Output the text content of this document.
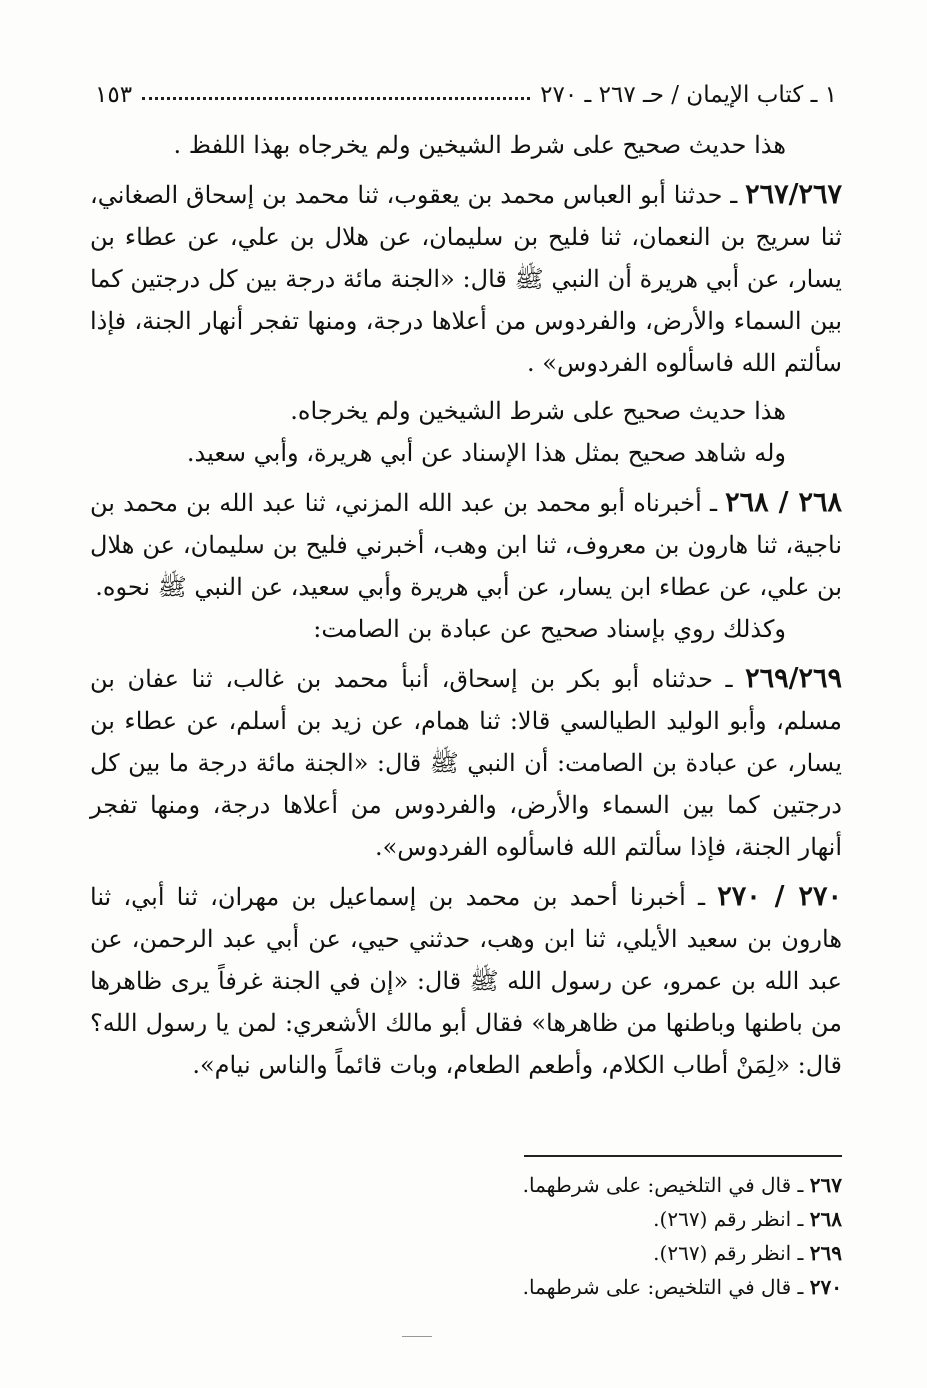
١ ـ كتاب الإيمان / حـ ٢٦٧ ـ ٢٧٠
١٥٣

هذا حديث صحيح على شرط الشيخين ولم يخرجاه بهذا اللفظ .

٢٦٧/٢٦٧ ـ حدثنا أبو العباس محمد بن يعقوب، ثنا محمد بن إسحاق الصغاني، ثنا سريج بن النعمان، ثنا فليح بن سليمان، عن هلال بن علي، عن عطاء بن يسار، عن أبي هريرة أن النبي ﷺ قال: «الجنة مائة درجة بين كل درجتين كما بين السماء والأرض، والفردوس من أعلاها درجة، ومنها تفجر أنهار الجنة، فإذا سألتم الله فاسألوه الفردوس» .

هذا حديث صحيح على شرط الشيخين ولم يخرجاه.

وله شاهد صحيح بمثل هذا الإسناد عن أبي هريرة، وأبي سعيد.

٢٦٨ / ٢٦٨ ـ أخبرناه أبو محمد بن عبد الله المزني، ثنا عبد الله بن محمد بن ناجية، ثنا هارون بن معروف، ثنا ابن وهب، أخبرني فليح بن سليمان، عن هلال بن علي، عن عطاء ابن يسار، عن أبي هريرة وأبي سعيد، عن النبي ﷺ نحوه.

وكذلك روي بإسناد صحيح عن عبادة بن الصامت:

٢٦٩/٢٦٩ ـ حدثناه أبو بكر بن إسحاق، أنبأ محمد بن غالب، ثنا عفان بن مسلم، وأبو الوليد الطيالسي قالا: ثنا همام، عن زيد بن أسلم، عن عطاء بن يسار، عن عبادة بن الصامت: أن النبي ﷺ قال: «الجنة مائة درجة ما بين كل درجتين كما بين السماء والأرض، والفردوس من أعلاها درجة، ومنها تفجر أنهار الجنة، فإذا سألتم الله فاسألوه الفردوس».

٢٧٠ / ٢٧٠ ـ أخبرنا أحمد بن محمد بن إسماعيل بن مهران، ثنا أبي، ثنا هارون بن سعيد الأيلي، ثنا ابن وهب، حدثني حيي، عن أبي عبد الرحمن، عن عبد الله بن عمرو، عن رسول الله ﷺ قال: «إن في الجنة غرفاً يرى ظاهرها من باطنها وباطنها من ظاهرها» فقال أبو مالك الأشعري: لمن يا رسول الله؟ قال: «لِمَنْ أطاب الكلام، وأطعم الطعام، وبات قائماً والناس نيام».

٢٦٧ ـ قال في التلخيص: على شرطهما.

٢٦٨ ـ انظر رقم (٢٦٧).

٢٦٩ ـ انظر رقم (٢٦٧).

٢٧٠ ـ قال في التلخيص: على شرطهما.
